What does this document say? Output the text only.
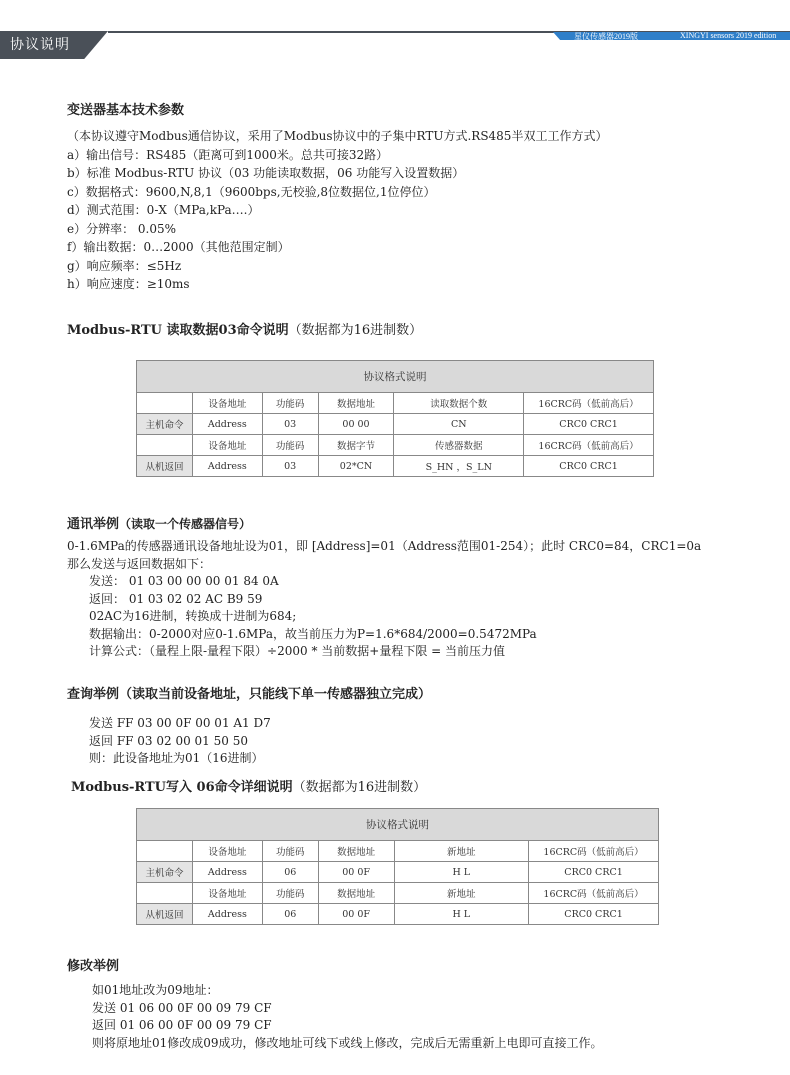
协议说明
星仪传感器2019版	XINGYI sensors 2019 edition
变送器基本技术参数
（本协议遵守Modbus通信协议，采用了Modbus协议中的子集中RTU方式.RS485半双工工作方式）
a）输出信号：RS485（距离可到1000米。总共可接32路）
b）标准 Modbus-RTU 协议（03 功能读取数据，06 功能写入设置数据）
c）数据格式：9600,N,8,1（9600bps,无校验,8位数据位,1位停位）
d）测式范围：0-X（MPa,kPa….）
e）分辨率： 0.05%
f）输出数据：0…2000（其他范围定制）
g）响应频率：≤5Hz
h）响应速度：≥10ms
Modbus-RTU 读取数据03命令说明（数据都为16进制数）
协议格式说明					
	设备地址	功能码	数据地址	读取数据个数	16CRC码（低前高后）
主机命令	Address	03	00 00	CN	CRC0 CRC1
	设备地址	功能码	数据字节	传感器数据	16CRC码（低前高后）
从机返回	Address	03	02*CN	S_HN ，S_LN	CRC0 CRC1
通讯举例（读取一个传感器信号）
0-1.6MPa的传感器通讯设备地址设为01，即 [Address]=01（Address范围01-254）；此时 CRC0=84，CRC1=0a
那么发送与返回数据如下：
发送： 01 03 00 00 00 01 84 0A
返回： 01 03 02 02 AC B9 59
02AC为16进制，转换成十进制为684;
数据输出：0-2000对应0-1.6MPa，故当前压力为P=1.6*684/2000=0.5472MPa
计算公式：（量程上限-量程下限）÷2000 * 当前数据+量程下限 = 当前压力值
查询举例（读取当前设备地址，只能线下单一传感器独立完成）
发送 FF 03 00 0F 00 01 A1 D7
返回 FF 03 02 00 01 50 50
则：此设备地址为01（16进制）
Modbus-RTU写入 06命令详细说明（数据都为16进制数）
协议格式说明					
	设备地址	功能码	数据地址	新地址	16CRC码（低前高后）
主机命令	Address	06	00 0F	H L	CRC0 CRC1
	设备地址	功能码	数据地址	新地址	16CRC码（低前高后）
从机返回	Address	06	00 0F	H L	CRC0 CRC1
修改举例
如01地址改为09地址：
发送 01 06 00 0F 00 09 79 CF
返回 01 06 00 0F 00 09 79 CF
则将原地址01修改成09成功，修改地址可线下或线上修改，完成后无需重新上电即可直接工作。
